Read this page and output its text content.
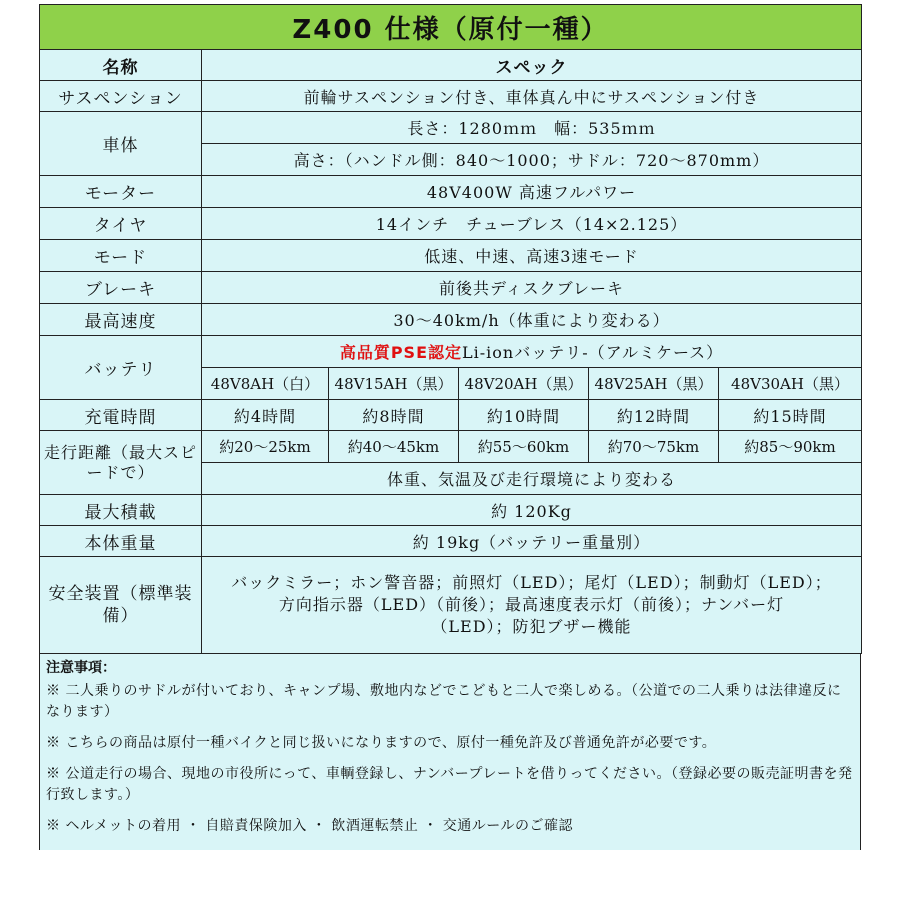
Z400 仕様（原付一種）					
名称	スペック				
サスペンション	前輪サスペンション付き、車体真ん中にサスペンション付き				
車体	長さ：1280ｍｍ　幅：535ｍｍ				
	高さ：（ハンドル側：840〜1000；サドル：720〜870mm）				
モーター	48V400W 高速フルパワー				
タイヤ	14インチ　チューブレス（14×2.125）				
モード	低速、中速、高速3速モード				
ブレーキ	前後共ディスクブレーキ				
最高速度	30〜40km/h（体重により変わる）				
バッテリ	高品質PSE認定Li-ionバッテリ-（アルミケース）				
	48V8AH（白）	48V15AH（黒）	48V20AH（黒）	48V25AH（黒）	48V30AH（黒）
充電時間	約4時間	約8時間	約10時間	約12時間	約15時間
走行距離（最大スピードで）	約20〜25km	約40〜45km	約55〜60km	約70〜75km	約85〜90km
	体重、気温及び走行環境により変わる				
最大積載	約 120Kg				
本体重量	約 19kg（バッテリー重量別）				
安全装置（標準装備）	バックミラー；ホン警音器；前照灯（LED）；尾灯（LED）；制動灯（LED）；
方向指示器（LED）（前後）；最高速度表示灯（前後）；ナンバー灯
（LED）；防犯ブザー機能				
注意事項：

※ 二人乗りのサドルが付いており、キャンプ場、敷地内などでこどもと二人で楽しめる。（公道での二人乗りは法律違反になります）

※ こちらの商品は原付一種バイクと同じ扱いになりますので、原付一種免許及び普通免許が必要です。

※ 公道走行の場合、現地の市役所にって、車輌登録し、ナンバープレートを借りってください。（登録必要の販売証明書を発行致します。）

※ ヘルメットの着用 ・ 自賠責保険加入 ・ 飲酒運転禁止 ・ 交通ルールのご確認
